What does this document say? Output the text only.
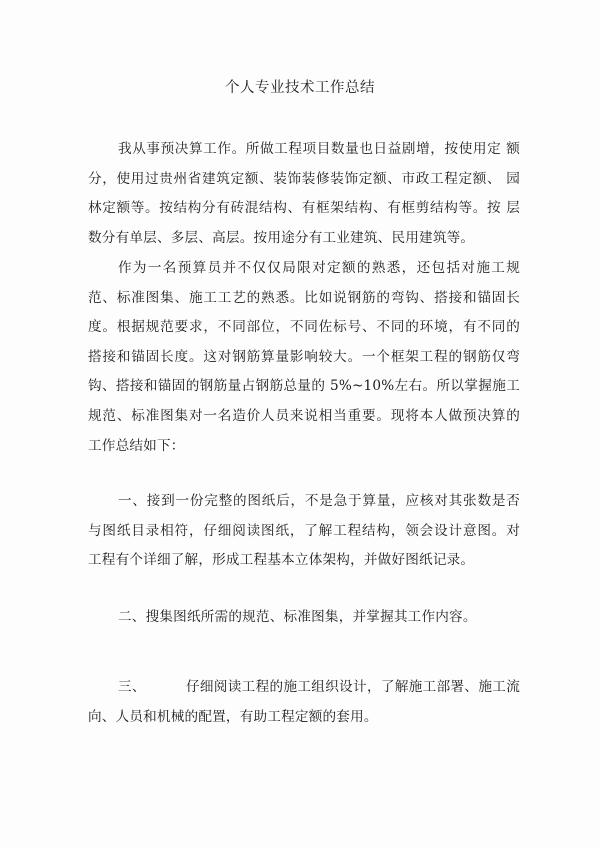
个人专业技术工作总结

我从事预决算工作。所做工程项目数量也日益剧增，按使用定 额分，使用过贵州省建筑定额、装饰装修装饰定额、市政工程定额、 园林定额等。按结构分有砖混结构、有框架结构、有框剪结构等。按 层数分有单层、多层、高层。按用途分有工业建筑、民用建筑等。

作为一名预算员并不仅仅局限对定额的熟悉，还包括对施工规 范、标准图集、施工工艺的熟悉。比如说钢筋的弯钩、搭接和锚固长 度。根据规范要求，不同部位，不同佐标号、不同的环境，有不同的 搭接和锚固长度。这对钢筋算量影响较大。一个框架工程的钢筋仅弯 钩、搭接和锚固的钢筋量占钢筋总量的 5%~10%左右。所以掌握施工 规范、标准图集对一名造价人员来说相当重要。现将本人做预决算的 工作总结如下：

一、接到一份完整的图纸后，不是急于算量，应核对其张数是否 与图纸目录相符，仔细阅读图纸，了解工程结构，领会设计意图。对 工程有个详细了解，形成工程基本立体架构，并做好图纸记录。

二、搜集图纸所需的规范、标准图集，并掌握其工作内容。

三、	仔细阅读工程的施工组织设计，了解施工部署、施工流向、人员和机械的配置，有助工程定额的套用。
